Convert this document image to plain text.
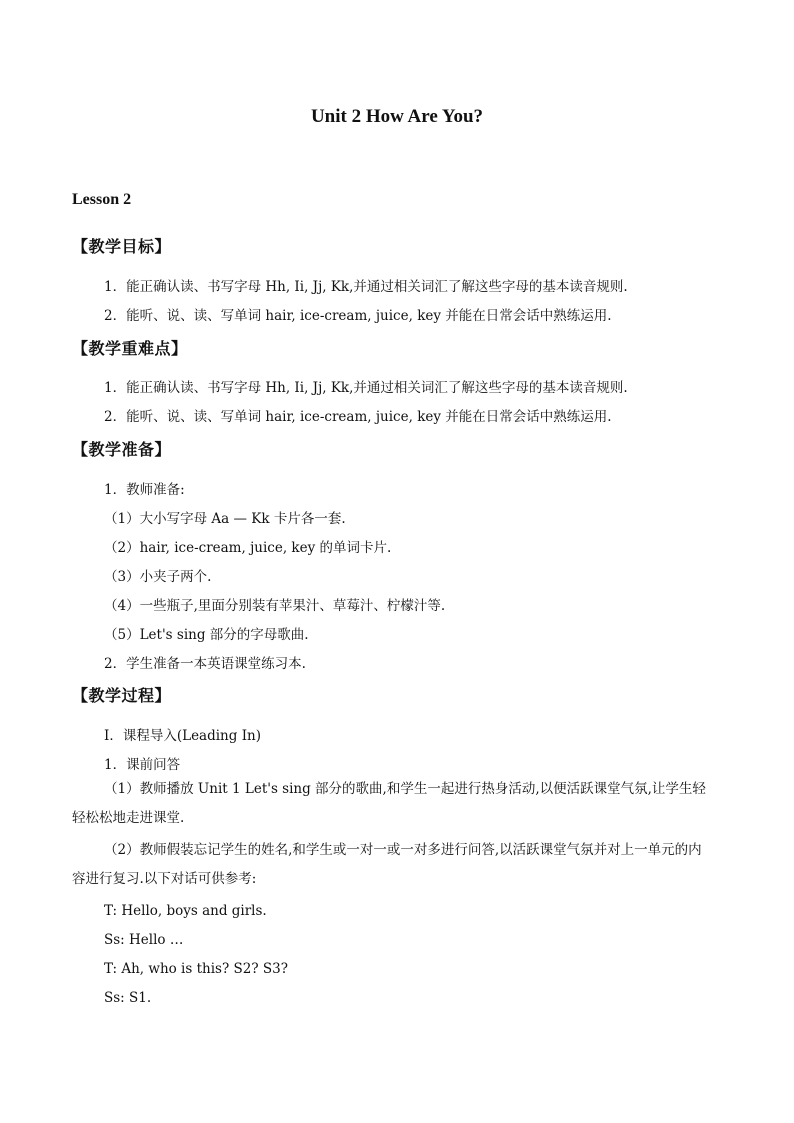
Unit 2 How Are You?
Lesson 2
【教学目标】
1．能正确认读、书写字母 Hh, Ii, Jj, Kk,并通过相关词汇了解这些字母的基本读音规则.
2．能听、说、读、写单词 hair, ice-cream, juice, key 并能在日常会话中熟练运用.
【教学重难点】
1．能正确认读、书写字母 Hh, Ii, Jj, Kk,并通过相关词汇了解这些字母的基本读音规则.
2．能听、说、读、写单词 hair, ice-cream, juice, key 并能在日常会话中熟练运用.
【教学准备】
1．教师准备:
（1）大小写字母 Aa — Kk 卡片各一套.
（2）hair, ice-cream, juice, key 的单词卡片.
（3）小夹子两个.
（4）一些瓶子,里面分别装有苹果汁、草莓汁、柠檬汁等.
（5）Let's sing 部分的字母歌曲.
2．学生准备一本英语课堂练习本.
【教学过程】
Ⅰ．课程导入(Leading In)
1．课前问答
（1）教师播放 Unit 1 Let's sing 部分的歌曲,和学生一起进行热身活动,以便活跃课堂气氛,让学生轻轻松松地走进课堂.
（2）教师假装忘记学生的姓名,和学生或一对一或一对多进行问答,以活跃课堂气氛并对上一单元的内容进行复习.以下对话可供参考:
T: Hello, boys and girls.
Ss: Hello …
T: Ah, who is this? S2? S3?
Ss: S1.
